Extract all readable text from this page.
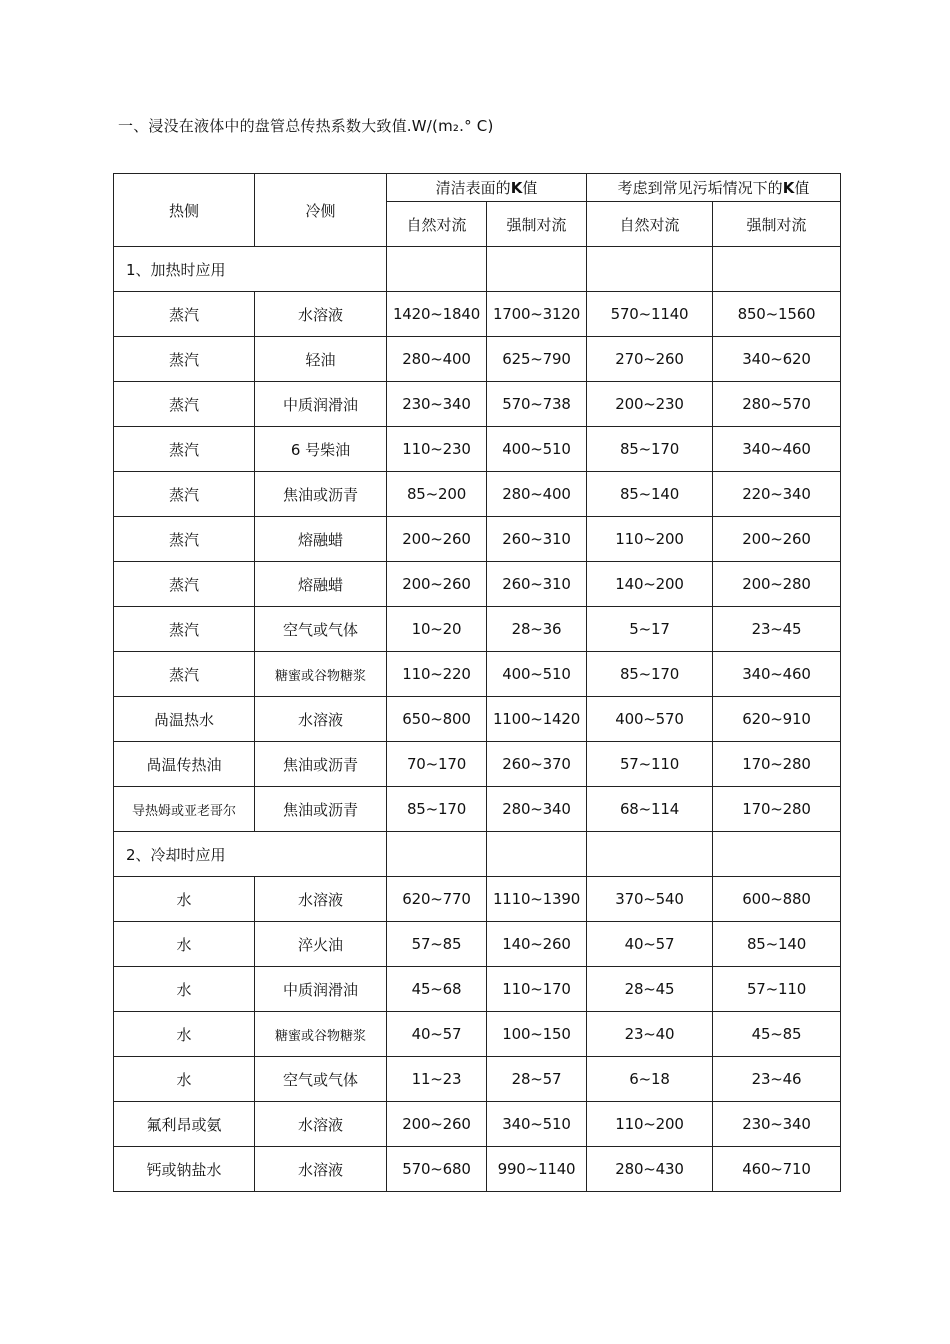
一、浸没在液体中的盘管总传热系数大致值.W/(m₂.° C)
热侧	冷侧	清洁表面的K值		考虑到常见污垢情况下的K值	
		自然对流	强制对流	自然对流	强制对流
1、加热时应用					
蒸汽	水溶液	1420~1840	1700~3120	570~1140	850~1560
蒸汽	轻油	280~400	625~790	270~260	340~620
蒸汽	中质润滑油	230~340	570~738	200~230	280~570
蒸汽	6 号柴油	110~230	400~510	85~170	340~460
蒸汽	焦油或沥青	85~200	280~400	85~140	220~340
蒸汽	熔融蜡	200~260	260~310	110~200	200~260
蒸汽	熔融蜡	200~260	260~310	140~200	200~280
蒸汽	空气或气体	10~20	28~36	5~17	23~45
蒸汽	糖蜜或谷物糖浆	110~220	400~510	85~170	340~460
咼温热水	水溶液	650~800	1100~1420	400~570	620~910
咼温传热油	焦油或沥青	70~170	260~370	57~110	170~280
导热姆或亚老哥尔	焦油或沥青	85~170	280~340	68~114	170~280
2、冷却时应用					
水	水溶液	620~770	1110~1390	370~540	600~880
水	淬火油	57~85	140~260	40~57	85~140
水	中质润滑油	45~68	110~170	28~45	57~110
水	糖蜜或谷物糖浆	40~57	100~150	23~40	45~85
水	空气或气体	11~23	28~57	6~18	23~46
氟利昂或氨	水溶液	200~260	340~510	110~200	230~340
钙或钠盐水	水溶液	570~680	990~1140	280~430	460~710
